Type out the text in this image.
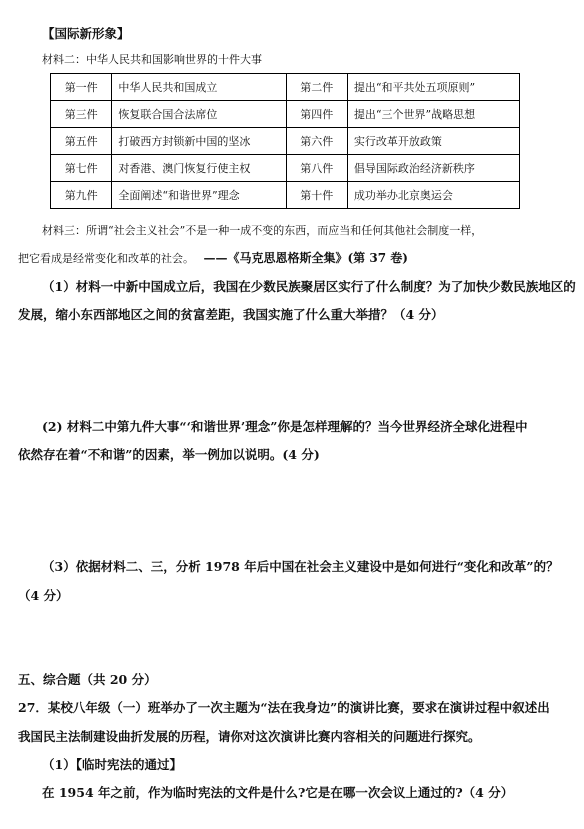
【国际新形象】
材料二：中华人民共和国影响世界的十件大事
第一件	中华人民共和国成立	第二件	提出“和平共处五项原则”
第三件	恢复联合国合法席位	第四件	提出“三个世界”战略思想
第五件	打破西方封锁新中国的坚冰	第六件	实行改革开放政策
第七件	对香港、澳门恢复行使主权	第八件	倡导国际政治经济新秩序
第九件	全面阐述“和谐世界”理念	第十件	成功举办北京奥运会
材料三：所谓“社会主义社会”不是一种一成不变的东西，而应当和任何其他社会制度一样，
把它看成是经常变化和改革的社会。 ——《马克思恩格斯全集》(第 37 卷)
（1）材料一中新中国成立后，我国在少数民族聚居区实行了什么制度？为了加快少数民族地区的
发展，缩小东西部地区之间的贫富差距，我国实施了什么重大举措？（4 分）
(2) 材料二中第九件大事“‘和谐世界’理念”你是怎样理解的？当今世界经济全球化进程中
依然存在着“不和谐”的因素，举一例加以说明。(4 分)
（3）依据材料二、三，分析 1978 年后中国在社会主义建设中是如何进行“变化和改革”的？
（4 分）
五、综合题（共 20 分）
27．某校八年级（一）班举办了一次主题为“法在我身边”的演讲比赛，要求在演讲过程中叙述出
我国民主法制建设曲折发展的历程，请你对这次演讲比赛内容相关的问题进行探究。
（1）【临时宪法的通过】
在 1954 年之前，作为临时宪法的文件是什么?它是在哪一次会议上通过的?（4 分）
